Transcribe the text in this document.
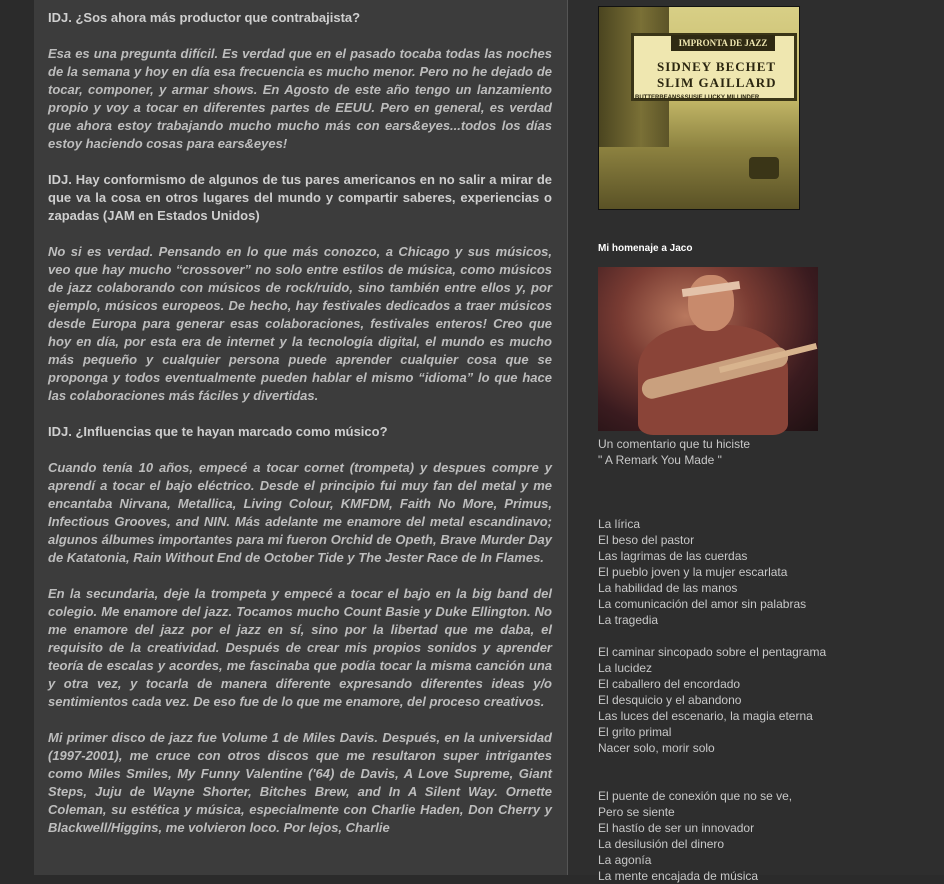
IDJ. ¿Sos ahora más productor que contrabajista?

Esa es una pregunta difícil. Es verdad que en el pasado tocaba todas las noches de la semana y hoy en día esa frecuencia es mucho menor. Pero no he dejado de tocar, componer, y armar shows. En Agosto de este año tengo un lanzamiento propio y voy a tocar en diferentes partes de EEUU. Pero en general, es verdad que ahora estoy trabajando mucho mucho más con ears&eyes...todos los días estoy haciendo cosas para ears&eyes!

IDJ. Hay conformismo de algunos de tus pares americanos en no salir a mirar de que va la cosa en otros lugares del mundo y compartir saberes, experiencias o zapadas (JAM en Estados Unidos)

No si es verdad. Pensando en lo que más conozco, a Chicago y sus músicos, veo que hay mucho “crossover” no solo entre estilos de música, como músicos de jazz colaborando con músicos de rock/ruido, sino también entre ellos y, por ejemplo, músicos europeos. De hecho, hay festivales dedicados a traer músicos desde Europa para generar esas colaboraciones, festivales enteros! Creo que hoy en día, por esta era de internet y la tecnología digital, el mundo es mucho más pequeño y cualquier persona puede aprender cualquier cosa que se proponga y todos eventualmente pueden hablar el mismo “idioma” lo que hace las colaboraciones más fáciles y divertidas.

IDJ. ¿Influencias que te hayan marcado como músico?

Cuando tenía 10 años, empecé a tocar cornet (trompeta) y despues compre y aprendí a tocar el bajo eléctrico. Desde el principio fui muy fan del metal y me encantaba Nirvana, Metallica, Living Colour, KMFDM, Faith No More, Primus, Infectious Grooves, and NIN. Más adelante me enamore del metal escandinavo; algunos álbumes importantes para mi fueron Orchid de Opeth, Brave Murder Day de Katatonia, Rain Without End de October Tide y The Jester Race de In Flames.

En la secundaria, deje la trompeta y empecé a tocar el bajo en la big band del colegio. Me enamore del jazz. Tocamos mucho Count Basie y Duke Ellington. No me enamore del jazz por el jazz en sí, sino por la libertad que me daba, el requisito de la creatividad. Después de crear mis propios sonidos y aprender teoría de escalas y acordes, me fascinaba que podía tocar la misma canción una y otra vez, y tocarla de manera diferente expresando diferentes ideas y/o sentimientos cada vez. De eso fue de lo que me enamore, del proceso creativos.

Mi primer disco de jazz fue Volume 1 de Miles Davis. Después, en la universidad (1997-2001), me cruce con otros discos que me resultaron super intrigantes como Miles Smiles, My Funny Valentine ('64) de Davis, A Love Supreme, Giant Steps, Juju de Wayne Shorter, Bitches Brew, and In A Silent Way. Ornette Coleman, su estética y música, especialmente con Charlie Haden, Don Cherry y Blackwell/Higgins, me volvieron loco. Por lejos, Charlie

IMPRONTA DE JAZZ
SIDNEY BECHET
SLIM GAILLARD
BUTTERBEANS&SUSIE LUCKY MILLINDER
Mi homenaje a Jaco
Un comentario que tu hiciste
" A Remark You Made "
La lírica
El beso del pastor
Las lagrimas de las cuerdas
El pueblo joven y la mujer escarlata
La habilidad de las manos
La comunicación del amor sin palabras
La tragedia
El caminar sincopado sobre el pentagrama
La lucidez
El caballero del encordado
El desquicio y el abandono
Las luces del escenario, la magia eterna
El grito primal
Nacer solo, morir solo
El puente de conexión que no se ve,
Pero se siente
El hastío de ser un innovador
La desilusión del dinero
La agonía
La mente encajada de música
